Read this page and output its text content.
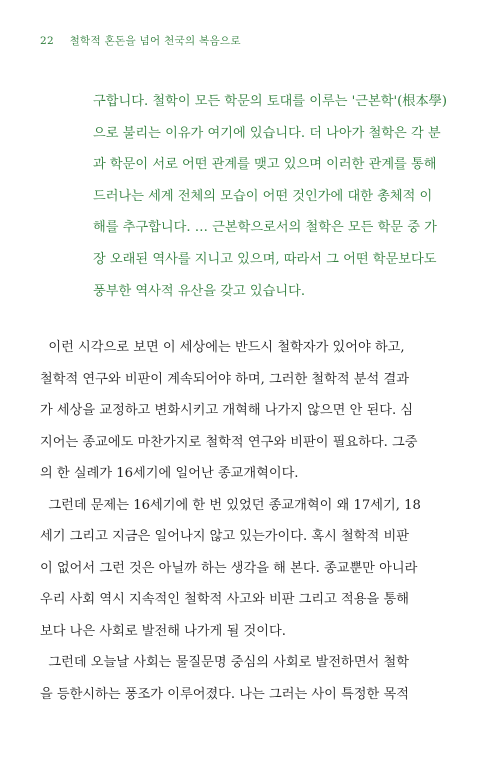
22 철학적 혼돈을 넘어 천국의 복음으로

구합니다. 철학이 모든 학문의 토대를 이루는 '근본학'(根本學)

으로 불리는 이유가 여기에 있습니다. 더 나아가 철학은 각 분

과 학문이 서로 어떤 관계를 맺고 있으며 이러한 관계를 통해

드러나는 세계 전체의 모습이 어떤 것인가에 대한 총체적 이

해를 추구합니다. … 근본학으로서의 철학은 모든 학문 중 가

장 오래된 역사를 지니고 있으며, 따라서 그 어떤 학문보다도

풍부한 역사적 유산을 갖고 있습니다.

이런 시각으로 보면 이 세상에는 반드시 철학자가 있어야 하고,

철학적 연구와 비판이 계속되어야 하며, 그러한 철학적 분석 결과

가 세상을 교정하고 변화시키고 개혁해 나가지 않으면 안 된다. 심

지어는 종교에도 마찬가지로 철학적 연구와 비판이 필요하다. 그중

의 한 실례가 16세기에 일어난 종교개혁이다.

그런데 문제는 16세기에 한 번 있었던 종교개혁이 왜 17세기, 18

세기 그리고 지금은 일어나지 않고 있는가이다. 혹시 철학적 비판

이 없어서 그런 것은 아닐까 하는 생각을 해 본다. 종교뿐만 아니라

우리 사회 역시 지속적인 철학적 사고와 비판 그리고 적용을 통해

보다 나은 사회로 발전해 나가게 될 것이다.

그런데 오늘날 사회는 물질문명 중심의 사회로 발전하면서 철학

을 등한시하는 풍조가 이루어졌다. 나는 그러는 사이 특정한 목적
